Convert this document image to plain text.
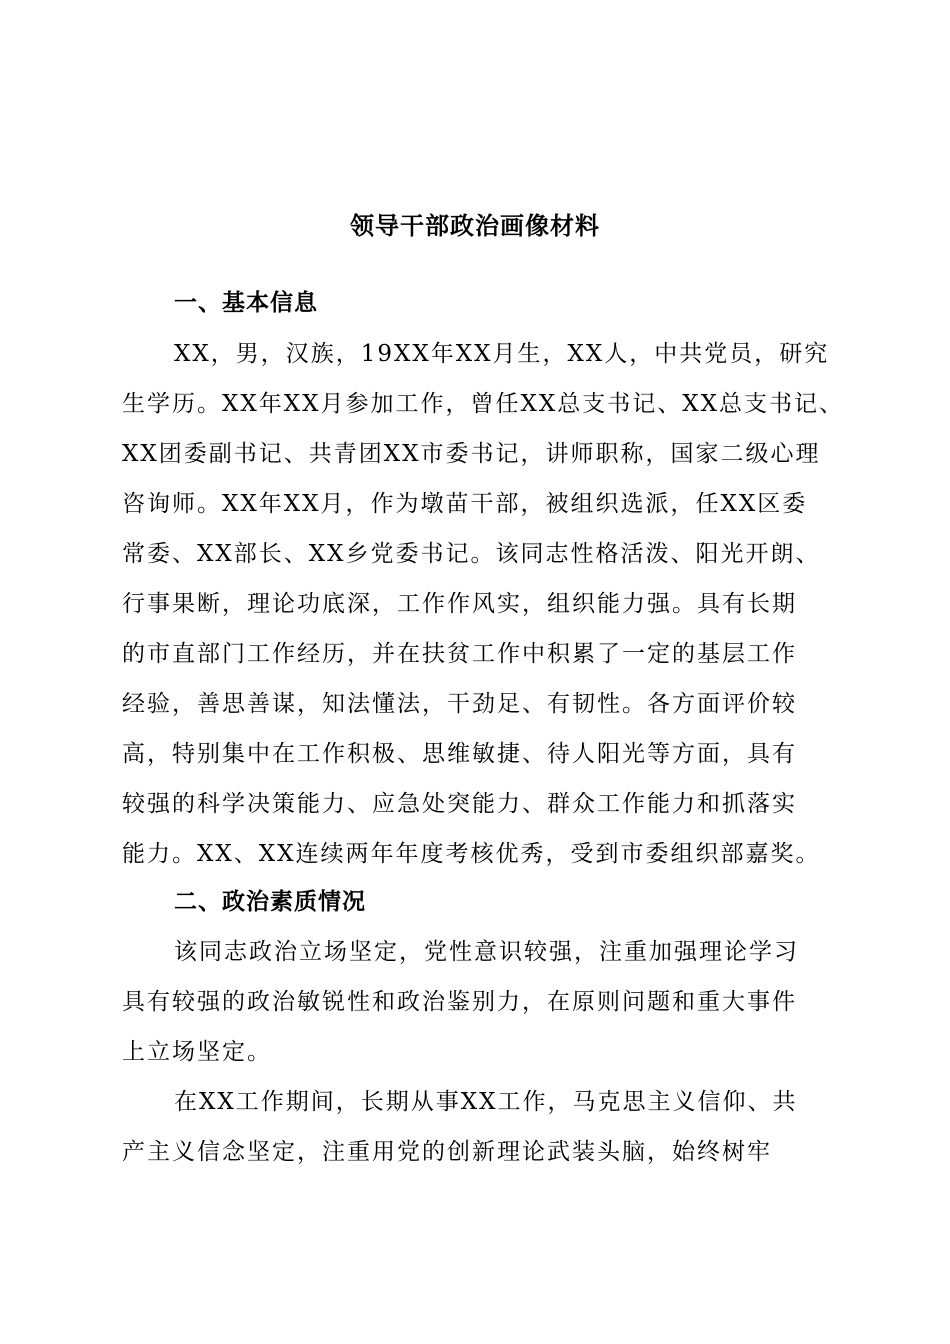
领导干部政治画像材料
一、基本信息
XX，男，汉族，19XX年XX月生，XX人，中共党员，研究
生学历。XX年XX月参加工作，曾任XX总支书记、XX总支书记、
XX团委副书记、共青团XX市委书记，讲师职称，国家二级心理
咨询师。XX年XX月，作为墩苗干部，被组织选派，任XX区委
常委、XX部长、XX乡党委书记。该同志性格活泼、阳光开朗、
行事果断，理论功底深，工作作风实，组织能力强。具有长期
的市直部门工作经历，并在扶贫工作中积累了一定的基层工作
经验，善思善谋，知法懂法，干劲足、有韧性。各方面评价较
高，特别集中在工作积极、思维敏捷、待人阳光等方面，具有
较强的科学决策能力、应急处突能力、群众工作能力和抓落实
能力。XX、XX连续两年年度考核优秀，受到市委组织部嘉奖。
二、政治素质情况
该同志政治立场坚定，党性意识较强，注重加强理论学习
具有较强的政治敏锐性和政治鉴别力，在原则问题和重大事件
上立场坚定。
在XX工作期间，长期从事XX工作，马克思主义信仰、共
产主义信念坚定，注重用党的创新理论武装头脑，始终树牢
